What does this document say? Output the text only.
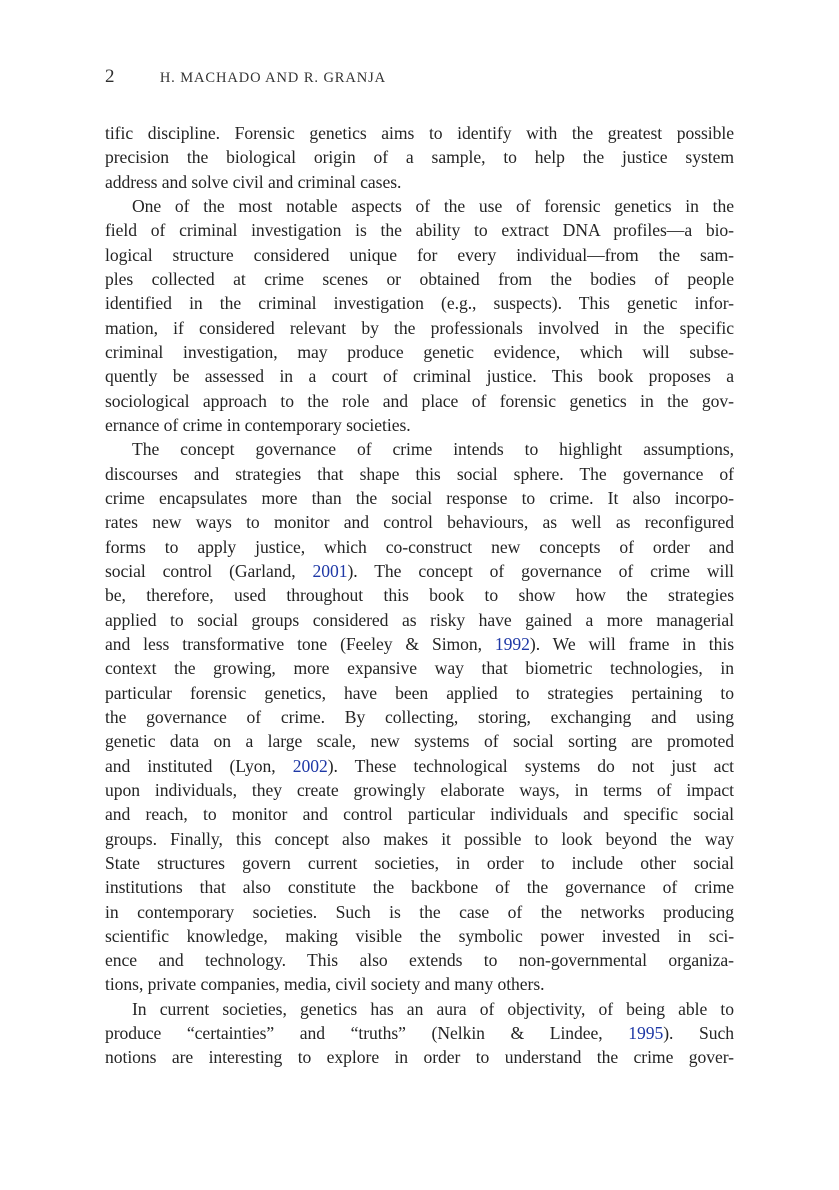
2	H. MACHADO AND R. GRANJA
tific discipline. Forensic genetics aims to identify with the greatest possible
precision the biological origin of a sample, to help the justice system
address and solve civil and criminal cases.
One of the most notable aspects of the use of forensic genetics in the
field of criminal investigation is the ability to extract DNA profiles—a bio-
logical structure considered unique for every individual—from the sam-
ples collected at crime scenes or obtained from the bodies of people
identified in the criminal investigation (e.g., suspects). This genetic infor-
mation, if considered relevant by the professionals involved in the specific
criminal investigation, may produce genetic evidence, which will subse-
quently be assessed in a court of criminal justice. This book proposes a
sociological approach to the role and place of forensic genetics in the gov-
ernance of crime in contemporary societies.
The concept governance of crime intends to highlight assumptions,
discourses and strategies that shape this social sphere. The governance of
crime encapsulates more than the social response to crime. It also incorpo-
rates new ways to monitor and control behaviours, as well as reconfigured
forms to apply justice, which co-construct new concepts of order and
social control (Garland, 2001). The concept of governance of crime will
be, therefore, used throughout this book to show how the strategies
applied to social groups considered as risky have gained a more managerial
and less transformative tone (Feeley & Simon, 1992). We will frame in this
context the growing, more expansive way that biometric technologies, in
particular forensic genetics, have been applied to strategies pertaining to
the governance of crime. By collecting, storing, exchanging and using
genetic data on a large scale, new systems of social sorting are promoted
and instituted (Lyon, 2002). These technological systems do not just act
upon individuals, they create growingly elaborate ways, in terms of impact
and reach, to monitor and control particular individuals and specific social
groups. Finally, this concept also makes it possible to look beyond the way
State structures govern current societies, in order to include other social
institutions that also constitute the backbone of the governance of crime
in contemporary societies. Such is the case of the networks producing
scientific knowledge, making visible the symbolic power invested in sci-
ence and technology. This also extends to non-governmental organiza-
tions, private companies, media, civil society and many others.
In current societies, genetics has an aura of objectivity, of being able to
produce “certainties” and “truths” (Nelkin & Lindee, 1995). Such
notions are interesting to explore in order to understand the crime gover-
